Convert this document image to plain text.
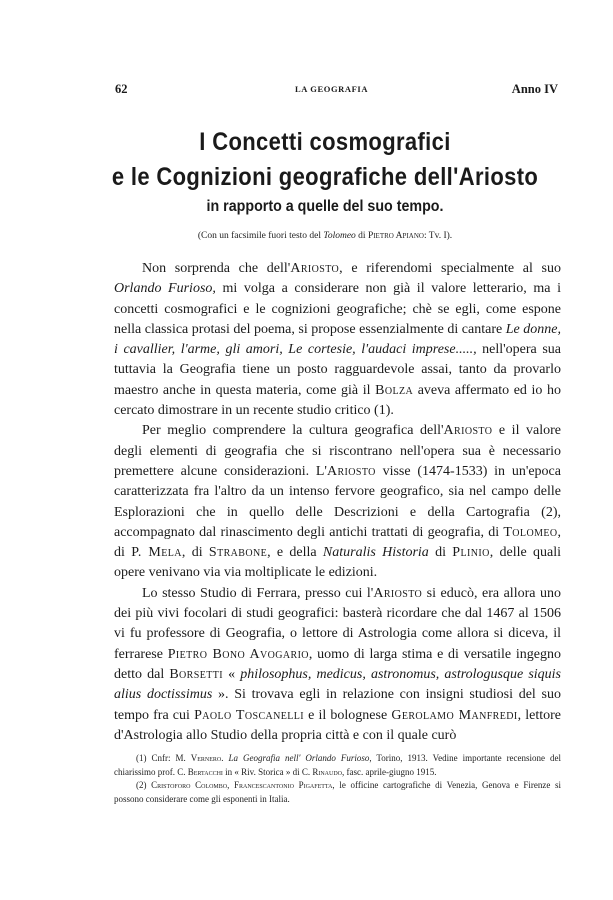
62	LA GEOGRAFIA	Anno IV
I Concetti cosmografici
e le Cognizioni geografiche dell'Ariosto
in rapporto a quelle del suo tempo.
(Con un facsimile fuori testo del Tolomeo di Pietro Apiano: Tv. I).

Non sorprenda che dell'Ariosto, e riferendomi specialmente al suo Orlando Furioso, mi volga a considerare non già il valore letterario, ma i concetti cosmografici e le cognizioni geografiche; chè se egli, come espone nella classica protasi del poema, si propose essenzialmente di cantare Le donne, i cavallier, l'arme, gli amori, Le cortesie, l'audaci imprese....., nell'opera sua tuttavia la Geografia tiene un posto ragguardevole assai, tanto da provarlo maestro anche in questa materia, come già il Bolza aveva affermato ed io ho cercato dimostrare in un recente studio critico (1).

Per meglio comprendere la cultura geografica dell'Ariosto e il valore degli elementi di geografia che si riscontrano nell'opera sua è necessario premettere alcune considerazioni. L'Ariosto visse (1474-1533) in un'epoca caratterizzata fra l'altro da un intenso fervore geografico, sia nel campo delle Esplorazioni che in quello delle Descrizioni e della Cartografia (2), accompagnato dal rinascimento degli antichi trattati di geografia, di Tolomeo, di P. Mela, di Strabone, e della Naturalis Historia di Plinio, delle quali opere venivano via via moltiplicate le edizioni.

Lo stesso Studio di Ferrara, presso cui l'Ariosto si educò, era allora uno dei più vivi focolari di studi geografici: basterà ricordare che dal 1467 al 1506 vi fu professore di Geografia, o lettore di Astrologia come allora si diceva, il ferrarese Pietro Bono Avogario, uomo di larga stima e di versatile ingegno detto dal Borsetti « philosophus, medicus, astronomus, astrologusque siquis alius doctissimus ». Si trovava egli in relazione con insigni studiosi del suo tempo fra cui Paolo Toscanelli e il bolognese Gerolamo Manfredi, lettore d'Astrologia allo Studio della propria città e con il quale curò

(1) Cnfr: M. Vernero. La Geografia nell' Orlando Furioso, Torino, 1913. Vedine importante recensione del chiarissimo prof. C. Bertacchi in « Riv. Storica » di C. Rinaudo, fasc. aprile-giugno 1915.

(2) Cristoforo Colombo, Francescantonio Pigafetta, le officine cartografiche di Venezia, Genova e Firenze si possono considerare come gli esponenti in Italia.
